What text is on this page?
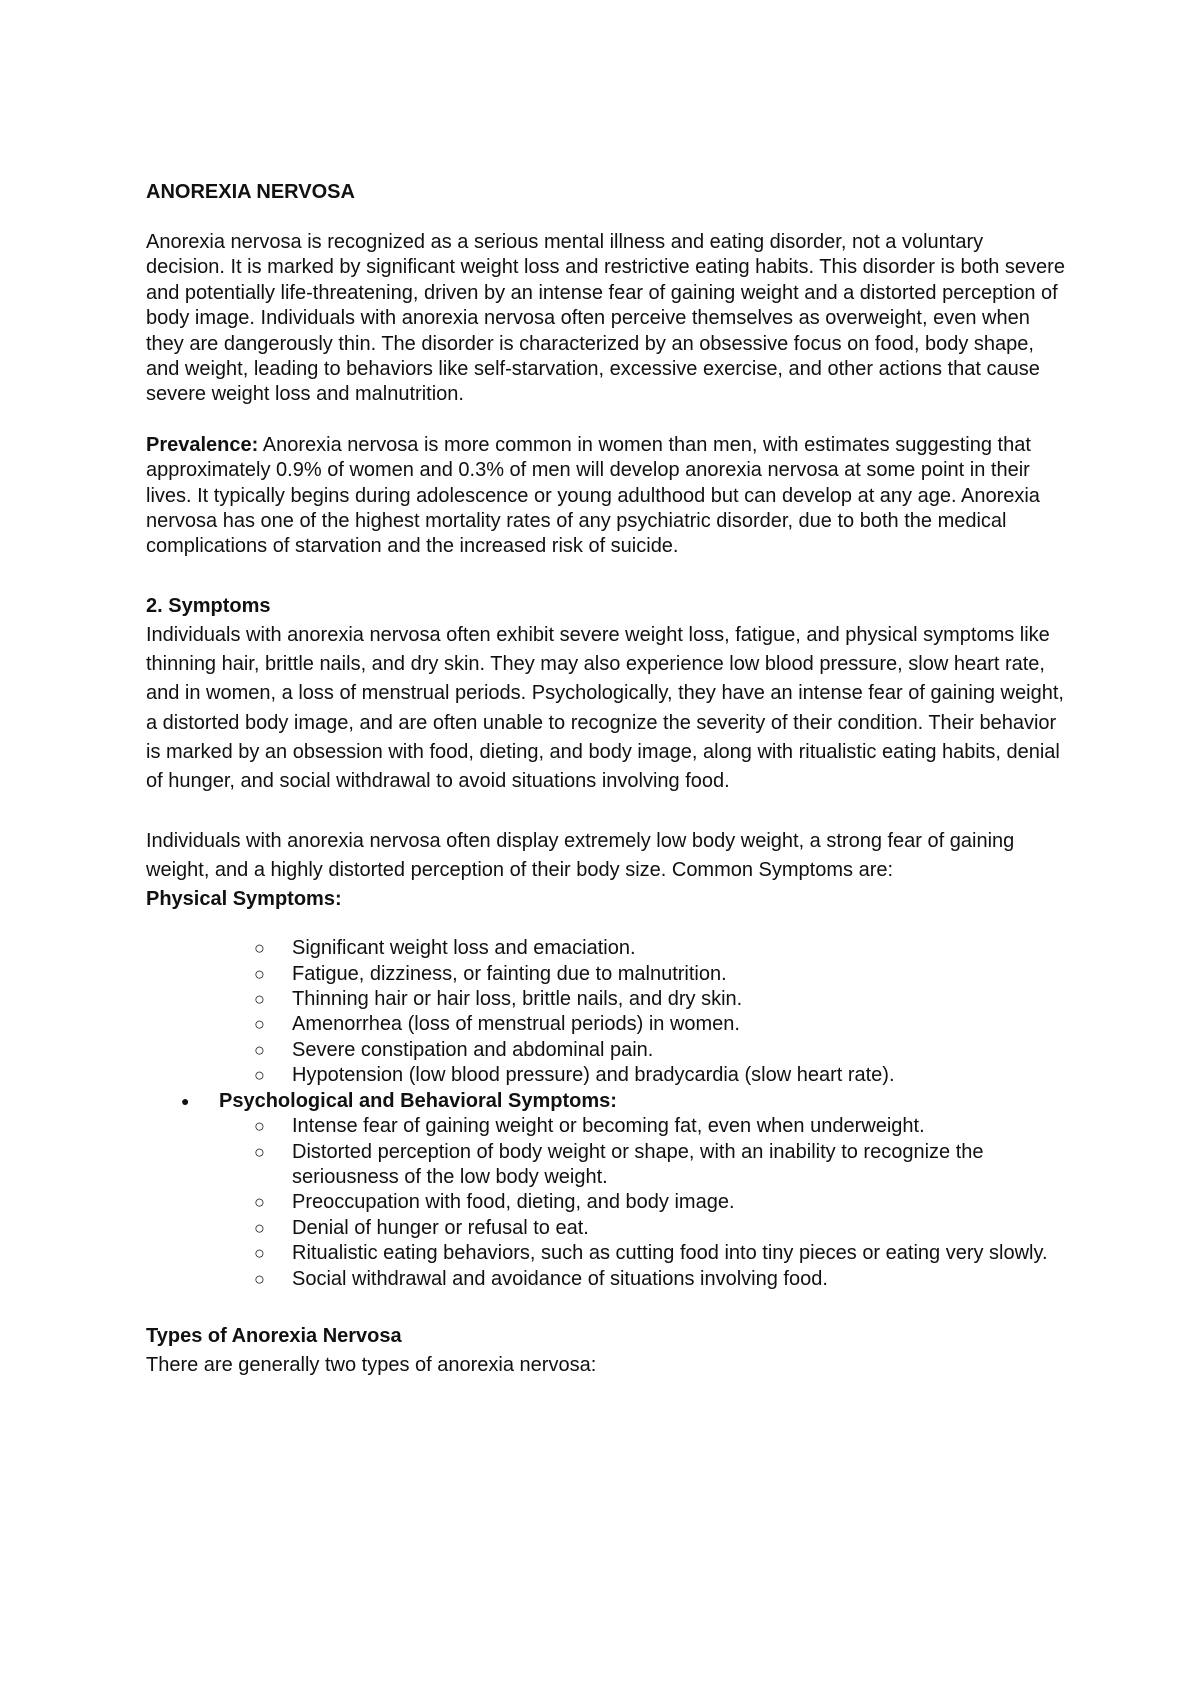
ANOREXIA NERVOSA

Anorexia nervosa is recognized as a serious mental illness and eating disorder, not a voluntary decision. It is marked by significant weight loss and restrictive eating habits. This disorder is both severe and potentially life-threatening, driven by an intense fear of gaining weight and a distorted perception of body image. Individuals with anorexia nervosa often perceive themselves as overweight, even when they are dangerously thin. The disorder is characterized by an obsessive focus on food, body shape, and weight, leading to behaviors like self-starvation, excessive exercise, and other actions that cause severe weight loss and malnutrition.

Prevalence: Anorexia nervosa is more common in women than men, with estimates suggesting that approximately 0.9% of women and 0.3% of men will develop anorexia nervosa at some point in their lives. It typically begins during adolescence or young adulthood but can develop at any age. Anorexia nervosa has one of the highest mortality rates of any psychiatric disorder, due to both the medical complications of starvation and the increased risk of suicide.

2. Symptoms

Individuals with anorexia nervosa often exhibit severe weight loss, fatigue, and physical symptoms like thinning hair, brittle nails, and dry skin. They may also experience low blood pressure, slow heart rate, and in women, a loss of menstrual periods. Psychologically, they have an intense fear of gaining weight, a distorted body image, and are often unable to recognize the severity of their condition. Their behavior is marked by an obsession with food, dieting, and body image, along with ritualistic eating habits, denial of hunger, and social withdrawal to avoid situations involving food.

Individuals with anorexia nervosa often display extremely low body weight, a strong fear of gaining weight, and a highly distorted perception of their body size. Common Symptoms are:

Physical Symptoms:

○ Significant weight loss and emaciation.
○ Fatigue, dizziness, or fainting due to malnutrition.
○ Thinning hair or hair loss, brittle nails, and dry skin.
○ Amenorrhea (loss of menstrual periods) in women.
○ Severe constipation and abdominal pain.
○ Hypotension (low blood pressure) and bradycardia (slow heart rate).
● Psychological and Behavioral Symptoms:
○ Intense fear of gaining weight or becoming fat, even when underweight.
○ Distorted perception of body weight or shape, with an inability to recognize the seriousness of the low body weight.
○ Preoccupation with food, dieting, and body image.
○ Denial of hunger or refusal to eat.
○ Ritualistic eating behaviors, such as cutting food into tiny pieces or eating very slowly.
○ Social withdrawal and avoidance of situations involving food.

Types of Anorexia Nervosa

There are generally two types of anorexia nervosa:
